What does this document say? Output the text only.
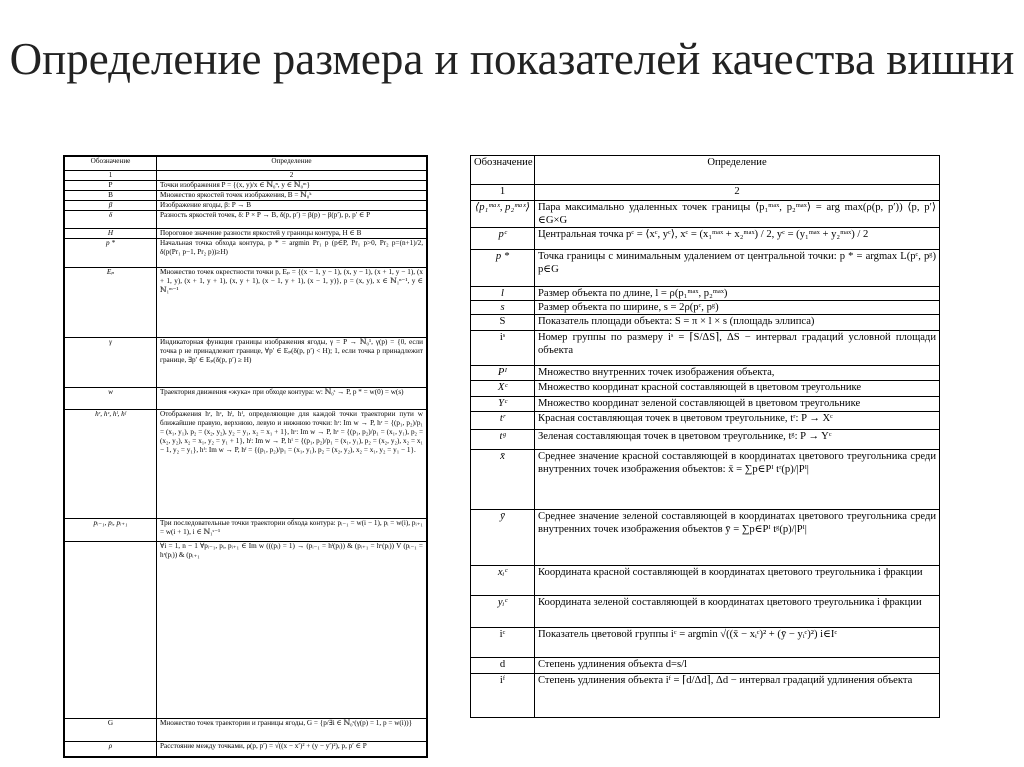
Определение размера и показателей качества вишни
Обозначение	Определение
1	2
P	Точки изображения P = {(x, y)/x ∈ ℕ₀ⁿ, y ∈ ℕ₀ᵐ}
B	Множество яркостей точек изображения, B = ℕ₀ᵏ
β	Изображение ягоды, β: P → B
δ	Разность яркостей точек, δ: P × P → B, δ(p, p′) = β(p) − β(p′), p, p′ ∈ P
H	Пороговое значение разности яркостей у границы контура, H ∈ B
p *	Начальная точка обхода контура, p * = argmin Pr₁ p (p∈P, Pr₁ p>0, Pr₂ p=(n+1)/2, δ(p(Pr₁ p−1, Pr₂ p))≥H)
Eₚ	Множество точек окрестности точки p, Eₚ = {(x − 1, y − 1), (x, y − 1), (x + 1, y − 1), (x + 1, y), (x + 1, y + 1), (x, y + 1), (x − 1, y + 1), (x − 1, y)}, p = (x, y), x ∈ ℕ₁ⁿ⁻¹, y ∈ ℕ₁ᵐ⁻¹
γ	Индикаторная функция границы изображения ягоды, γ = P → ℕ₀¹, γ(p) = {0, если точка p не принадлежит границе, ∀p′ ∈ Eₚ(δ(p, p′) < H); 1, если точка p принадлежит границе, ∃p′ ∈ Eₚ(δ(p, p′) ≥ H)
w	Траектория движения «жука» при обходе контура: w: ℕ₀ˢ → P, p * = w(0) = w(s)
hʳ, hᶜ, hˡ, hᶠ	Отображения hʳ, hᶜ, hˡ, hᶠ, определяющие для каждой точки траектории пути w ближайшие правую, верхнюю, левую и нижнюю точки: hʳ: Im w → P, hʳ = {(p₁, p₂)/p₁ = (x₁, y₁), p₂ = (x₂, y₂), y₂ = y₁, x₂ = x₁ + 1}, hᶜ: Im w → P, hᶜ = {(p₁, p₂)/p₁ = (x₁, y₁), p₂ = (x₂, y₂), x₂ = x₁, y₂ = y₁ + 1}, hˡ: Im w → P, hˡ = {(p₁, p₂)/p₁ = (x₁, y₁), p₂ = (x₂, y₂), x₂ = x₁ − 1, y₂ = y₁}, hᶠ: Im w → P, hᶠ = {(p₁, p₂)/p₁ = (x₁, y₁), p₂ = (x₂, y₂), x₂ = x₁, y₂ = y₁ − 1}.
pᵢ₋₁, pᵢ, pᵢ₊₁	Три последовательные точки траектории обхода контура: pᵢ₋₁ = w(i − 1), pᵢ = w(i), pᵢ₊₁ = w(i + 1), i ∈ ℕ₁ˢ⁻¹
	∀i = 1, n − 1 ∀pᵢ₋₁, pᵢ, pᵢ₊₁ ∈ Im w (((pᵢ) = 1) → (pᵢ₋₁ = hˡ(pᵢ)) & (pᵢ₊₁ = hᶜ(pᵢ)) V (pᵢ₋₁ = hʳ(pᵢ)) & (pᵢ₊₁
G	Множество точек траектории и границы ягоды, G = {p/∃i ∈ ℕ₀ˢ(γ(p) = 1, p = w(i))}
ρ	Расстояние между точками, ρ(p, p′) = √((x − x′)² + (y − y′)²), p, p′ ∈ P
Обозначение	Определение
1	2
⟨p₁ᵐᵃˣ, p₂ᵐᵃˣ⟩	Пара максимально удаленных точек границы ⟨p₁ᵐᵃˣ, p₂ᵐᵃˣ⟩ = arg max(ρ(p, p′)) ⟨p, p′⟩∈G×G
pᶜ	Центральная точка pᶜ = ⟨xᶜ, yᶜ⟩, xᶜ = (x₁ᵐᵃˣ + x₂ᵐᵃˣ) / 2, yᶜ = (y₁ᵐᵃˣ + y₂ᵐᵃˣ) / 2
p *	Точка границы с минимальным удалением от центральной точки: p * = argmax L(pᶜ, pᵍ) p∈G
l	Размер объекта по длине, l = ρ(p₁ᵐᵃˣ, p₂ᵐᵃˣ)
s	Размер объекта по ширине, s = 2ρ(pᶜ, pᵍ)
S	Показатель площади объекта: S = π × l × s (площадь эллипса)
iˢ	Номер группы по размеру iˢ = ⌈S/ΔS⌉, ΔS − интервал градаций условной площади объекта
Pᴵ	Множество внутренних точек изображения объекта,
Xᶜ	Множество координат красной составляющей в цветовом треугольнике
Yᶜ	Множество координат зеленой составляющей в цветовом треугольнике
tʳ	Красная составляющая точек в цветовом треугольнике, tʳ: P → Xᶜ
tᵍ	Зеленая составляющая точек в цветовом треугольнике, tᵍ: P → Yᶜ
x̄	Среднее значение красной составляющей в координатах цветового треугольника среди внутренних точек изображения объектов: x̄ = ∑p∈Pᴵ tʳ(p)/|Pᴵ|
ȳ	Среднее значение зеленой составляющей в координатах цветового треугольника среди внутренних точек изображения объектов ȳ = ∑p∈Pᴵ tᵍ(p)/|Pᴵ|
xᵢᶜ	Координата красной составляющей в координатах цветового треугольника i фракции
yᵢᶜ	Координата зеленой составляющей в координатах цветового треугольника i фракции
iᶜ	Показатель цветовой группы iᶜ = argmin √((x̄ − xᵢᶜ)² + (ȳ − yᵢᶜ)²) i∈Iᶜ
d	Степень удлинения объекта d=s/l
iᶠ	Степень удлинения объекта iᶠ = ⌈d/Δd⌉, Δd − интервал градаций удлинения объекта
